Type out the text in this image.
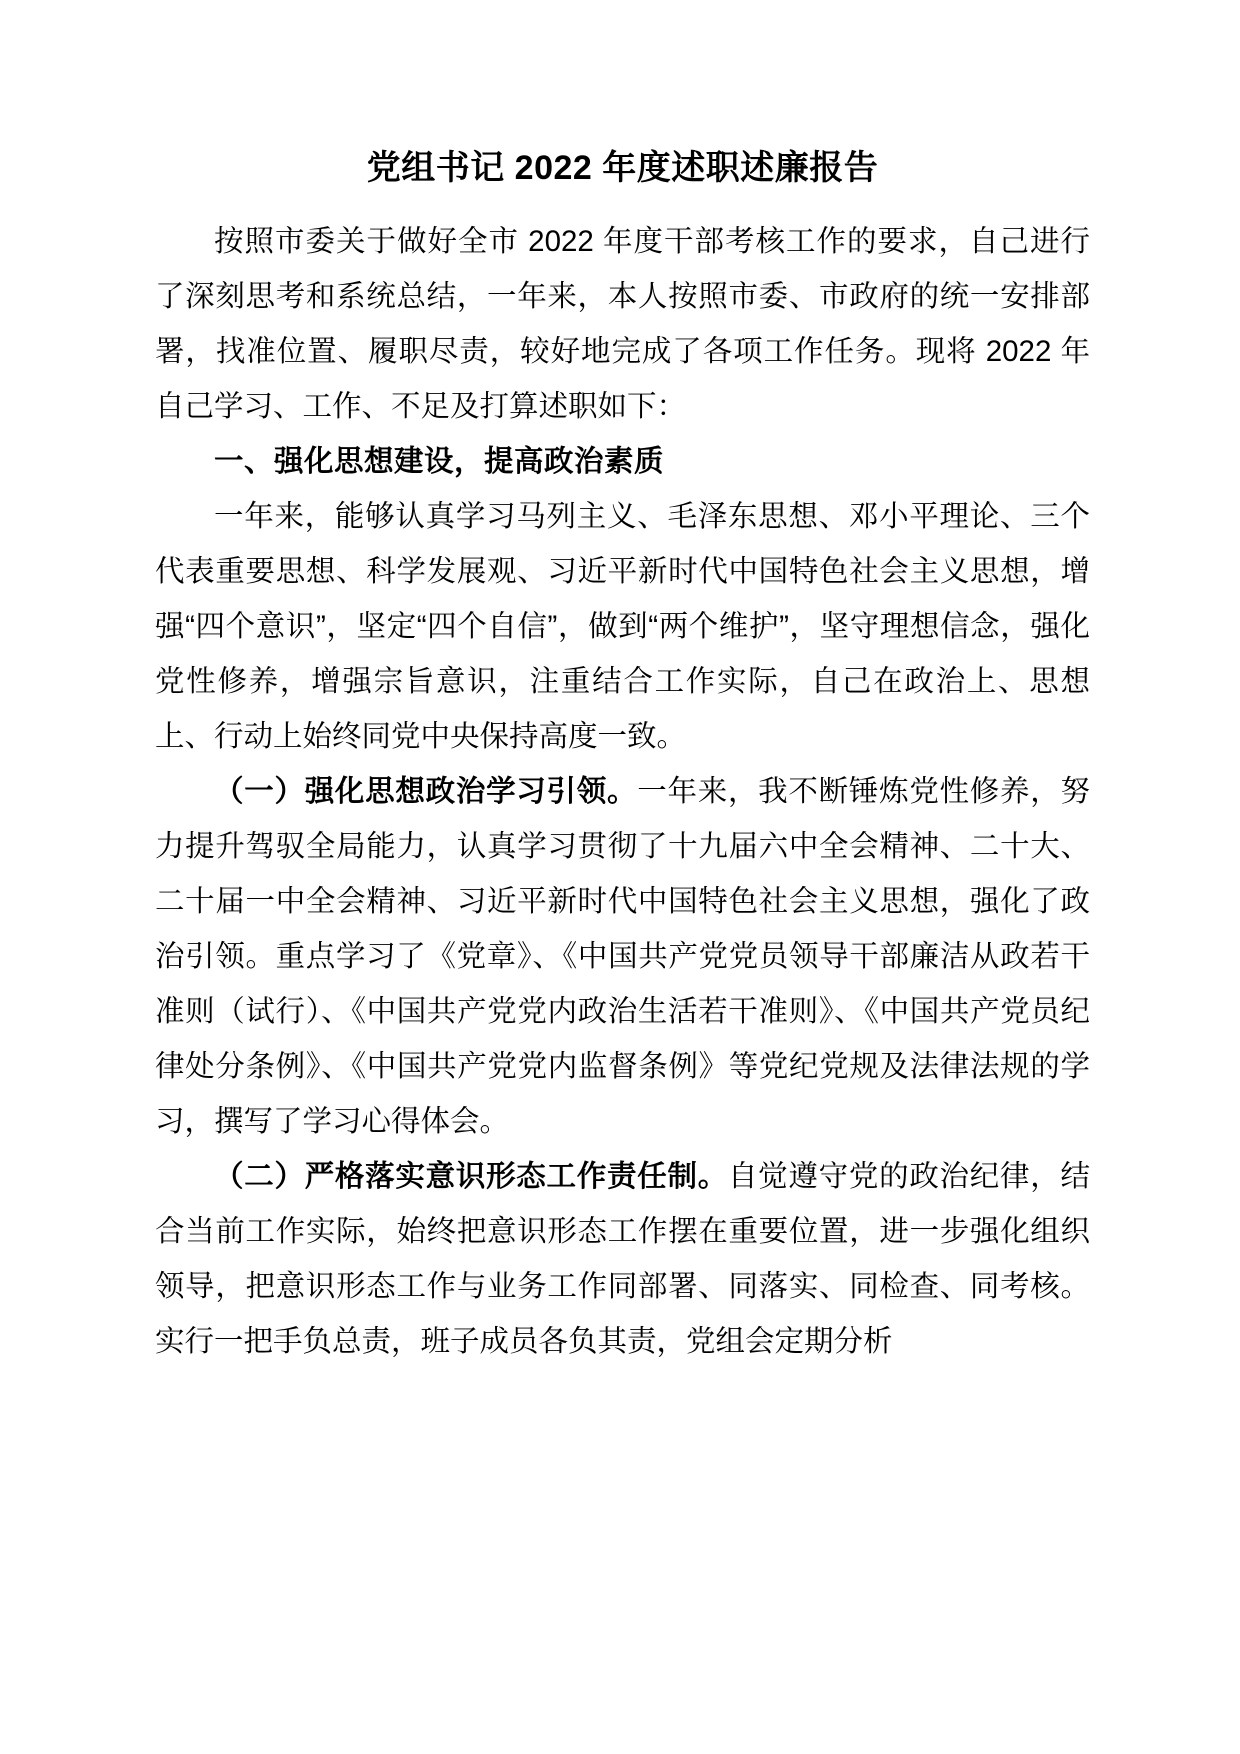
党组书记 2022 年度述职述廉报告

按照市委关于做好全市 2022 年度干部考核工作的要求，自己进行了深刻思考和系统总结，一年来，本人按照市委、市政府的统一安排部署，找准位置、履职尽责，较好地完成了各项工作任务。现将 2022 年自己学习、工作、不足及打算述职如下：

一、强化思想建设，提高政治素质

一年来，能够认真学习马列主义、毛泽东思想、邓小平理论、三个代表重要思想、科学发展观、习近平新时代中国特色社会主义思想，增强“四个意识”，坚定“四个自信”，做到“两个维护”，坚守理想信念，强化党性修养，增强宗旨意识，注重结合工作实际，自己在政治上、思想上、行动上始终同党中央保持高度一致。

（一）强化思想政治学习引领。一年来，我不断锤炼党性修养，努力提升驾驭全局能力，认真学习贯彻了十九届六中全会精神、二十大、二十届一中全会精神、习近平新时代中国特色社会主义思想，强化了政治引领。重点学习了《党章》、《中国共产党党员领导干部廉洁从政若干准则（试行）、《中国共产党党内政治生活若干准则》、《中国共产党员纪律处分条例》、《中国共产党党内监督条例》等党纪党规及法律法规的学习，撰写了学习心得体会。

（二）严格落实意识形态工作责任制。自觉遵守党的政治纪律，结合当前工作实际，始终把意识形态工作摆在重要位置，进一步强化组织领导，把意识形态工作与业务工作同部署、同落实、同检查、同考核。实行一把手负总责，班子成员各负其责，党组会定期分析
